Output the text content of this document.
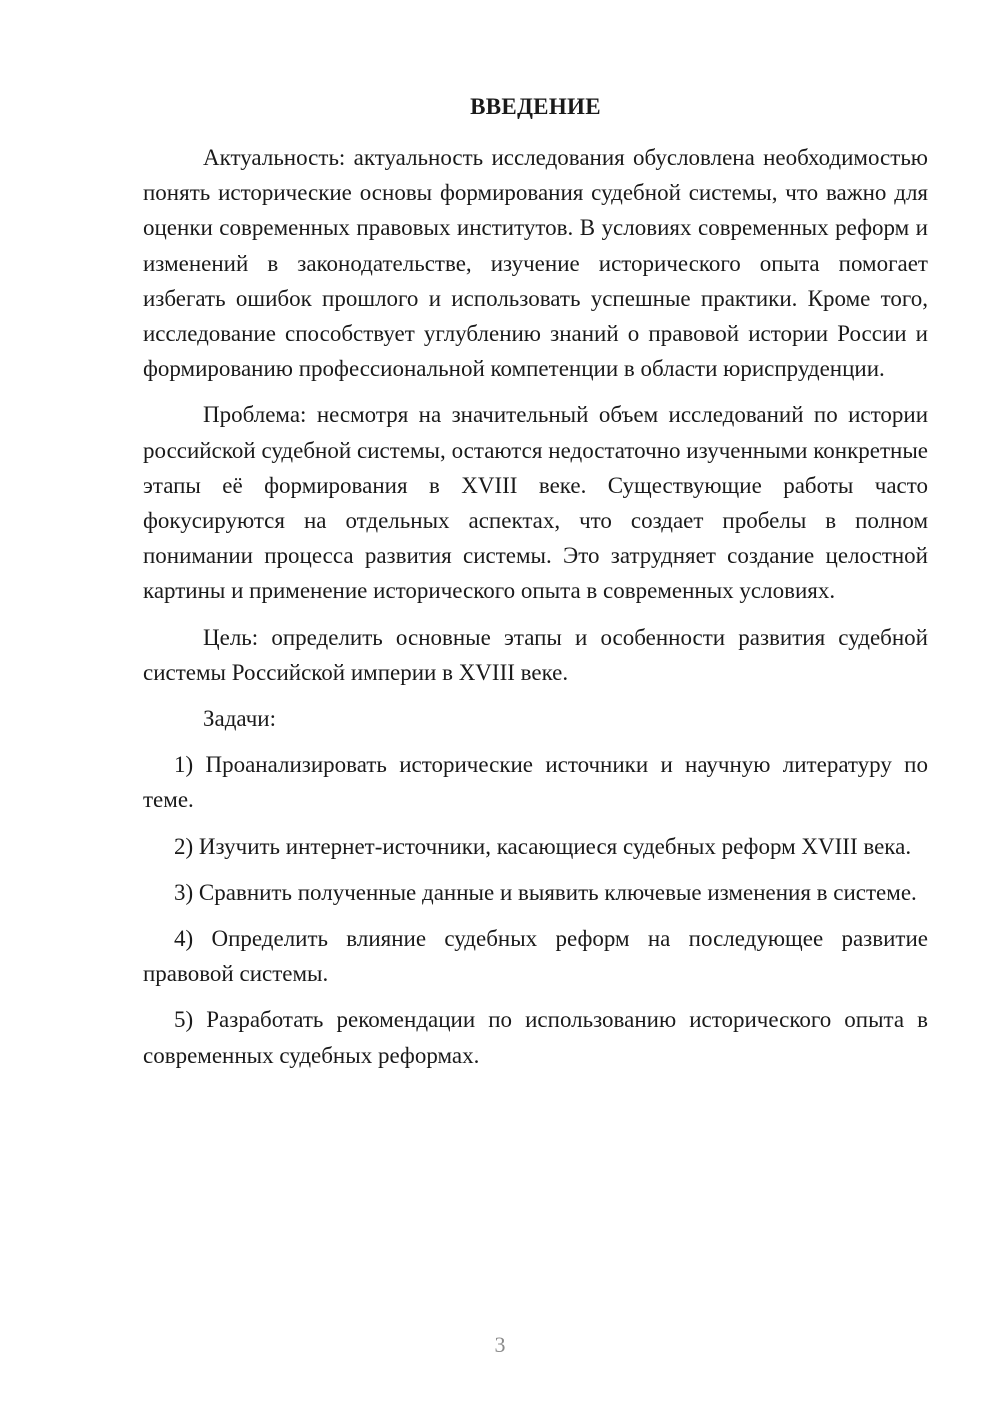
ВВЕДЕНИЕ

Актуальность: актуальность исследования обусловлена необходимостью понять исторические основы формирования судебной системы, что важно для оценки современных правовых институтов. В условиях современных реформ и изменений в законодательстве, изучение исторического опыта помогает избегать ошибок прошлого и использовать успешные практики. Кроме того, исследование способствует углублению знаний о правовой истории России и формированию профессиональной компетенции в области юриспруденции.

Проблема: несмотря на значительный объем исследований по истории российской судебной системы, остаются недостаточно изученными конкретные этапы её формирования в XVIII веке. Существующие работы часто фокусируются на отдельных аспектах, что создает пробелы в полном понимании процесса развития системы. Это затрудняет создание целостной картины и применение исторического опыта в современных условиях.

Цель: определить основные этапы и особенности развития судебной системы Российской империи в XVIII веке.

Задачи:

1) Проанализировать исторические источники и научную литературу по теме.

2) Изучить интернет-источники, касающиеся судебных реформ XVIII века.

3) Сравнить полученные данные и выявить ключевые изменения в системе.

4) Определить влияние судебных реформ на последующее развитие правовой системы.

5) Разработать рекомендации по использованию исторического опыта в современных судебных реформах.

3
